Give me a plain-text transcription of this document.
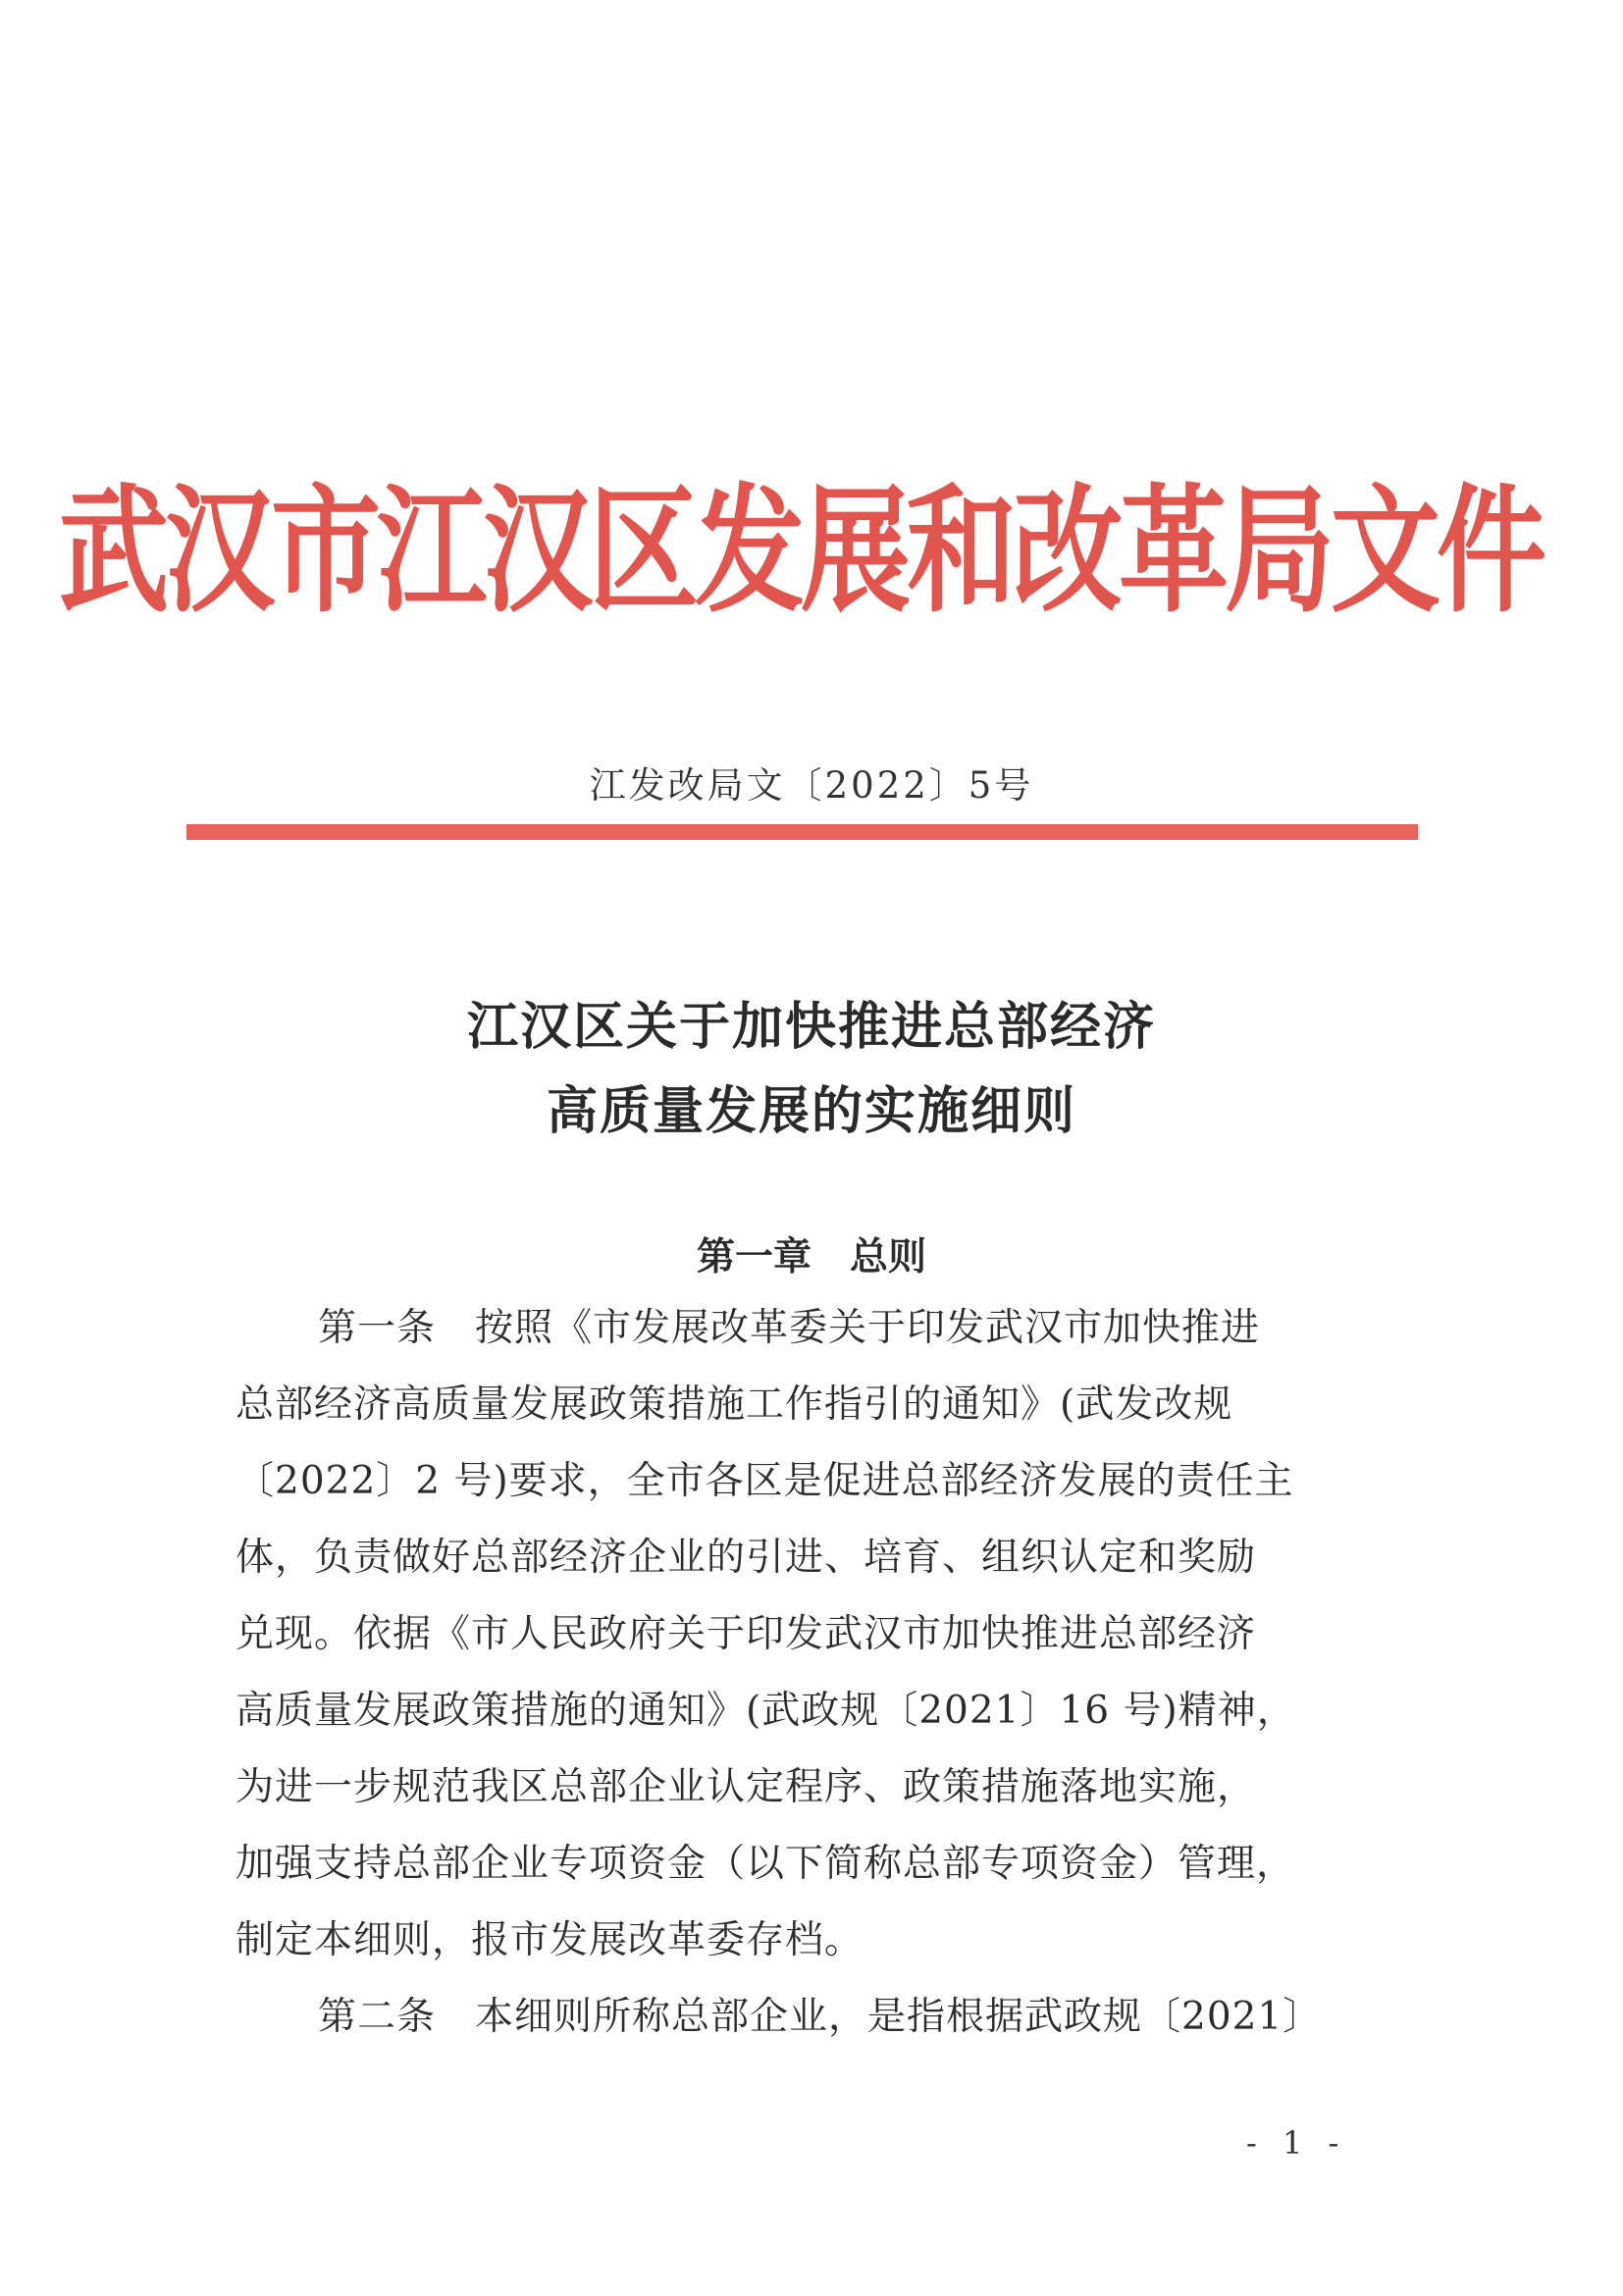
武汉市江汉区发展和改革局文件
江发改局文〔2022〕5号
江汉区关于加快推进总部经济
高质量发展的实施细则
第一章　总则
第一条　按照《市发展改革委关于印发武汉市加快推进
总部经济高质量发展政策措施工作指引的通知》(武发改规
〔2022〕2 号)要求，全市各区是促进总部经济发展的责任主
体，负责做好总部经济企业的引进、培育、组织认定和奖励
兑现。依据《市人民政府关于印发武汉市加快推进总部经济
高质量发展政策措施的通知》(武政规〔2021〕16 号)精神，
为进一步规范我区总部企业认定程序、政策措施落地实施，
加强支持总部企业专项资金（以下简称总部专项资金）管理，
制定本细则，报市发展改革委存档。
第二条　本细则所称总部企业，是指根据武政规〔2021〕
- 1 -
